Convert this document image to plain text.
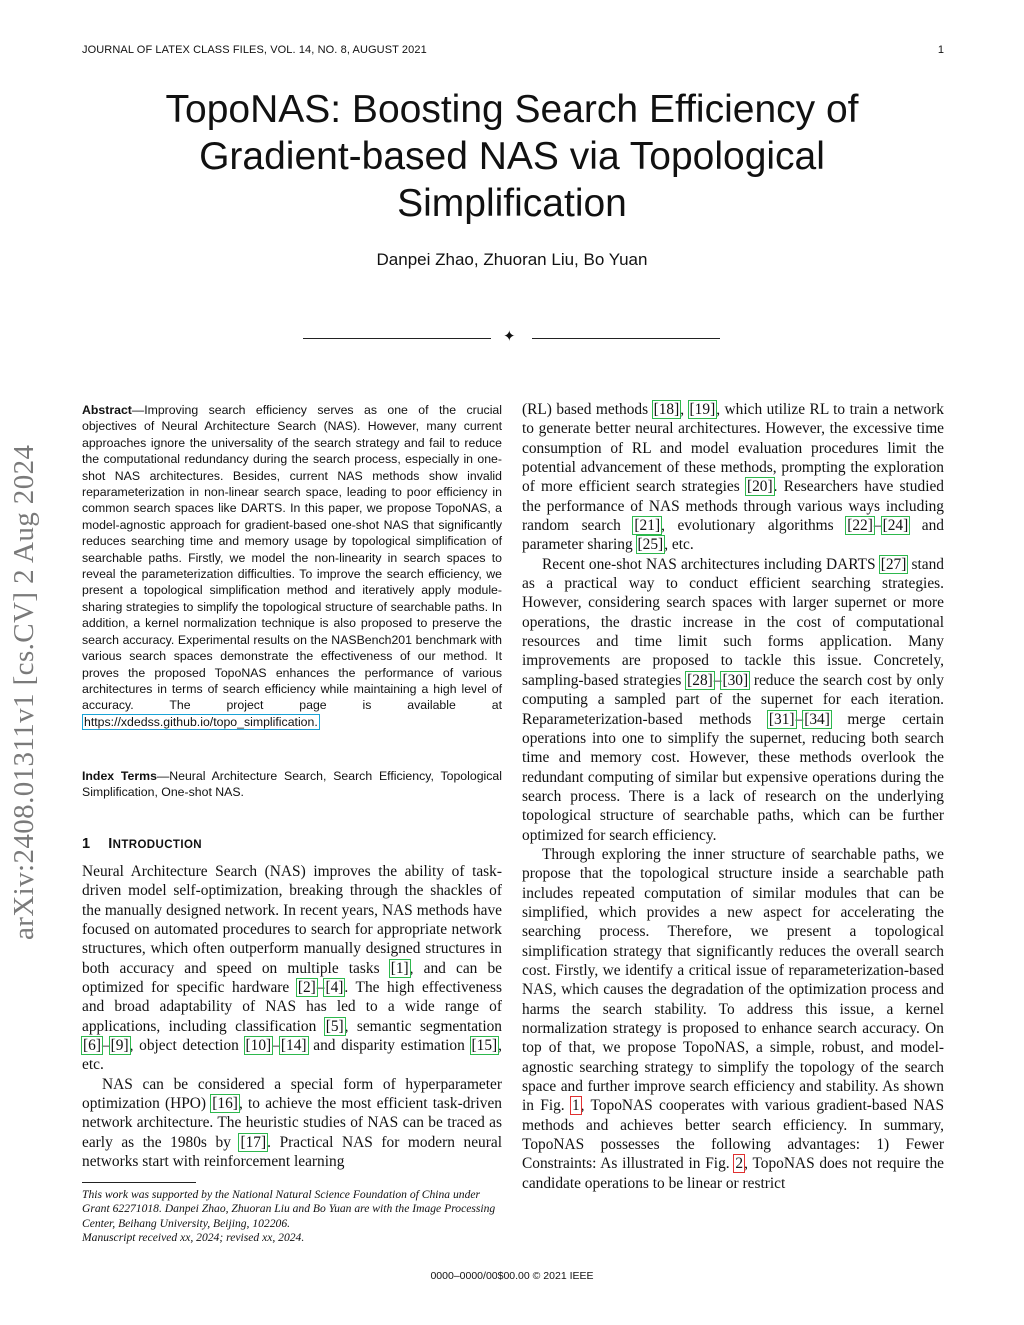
JOURNAL OF LATEX CLASS FILES, VOL. 14, NO. 8, AUGUST 2021	1
TopoNAS: Boosting Search Efficiency of Gradient-based NAS via Topological Simplification
Danpei Zhao, Zhuoran Liu, Bo Yuan
✦
arXiv:2408.01311v1 [cs.CV] 2 Aug 2024
Abstract—Improving search efficiency serves as one of the crucial objectives of Neural Architecture Search (NAS). However, many current approaches ignore the universality of the search strategy and fail to reduce the computational redundancy during the search process, especially in one-shot NAS architectures. Besides, current NAS methods show invalid reparameterization in non-linear search space, leading to poor efficiency in common search spaces like DARTS. In this paper, we propose TopoNAS, a model-agnostic approach for gradient-based one-shot NAS that significantly reduces searching time and memory usage by topological simplification of searchable paths. Firstly, we model the non-linearity in search spaces to reveal the parameterization difficulties. To improve the search efficiency, we present a topological simplification method and iteratively apply module-sharing strategies to simplify the topological structure of searchable paths. In addition, a kernel normalization technique is also proposed to preserve the search accuracy. Experimental results on the NASBench201 benchmark with various search spaces demonstrate the effectiveness of our method. It proves the proposed TopoNAS enhances the performance of various architectures in terms of search efficiency while maintaining a high level of accuracy. The project page is available at https://xdedss.github.io/topo_simplification.
Index Terms—Neural Architecture Search, Search Efficiency, Topological Simplification, One-shot NAS.
1 INTRODUCTION

Neural Architecture Search (NAS) improves the ability of task-driven model self-optimization, breaking through the shackles of the manually designed network. In recent years, NAS methods have focused on automated procedures to search for appropriate network structures, which often outperform manually designed structures in both accuracy and speed on multiple tasks [1], and can be optimized for specific hardware [2]–[4]. The high effectiveness and broad adaptability of NAS has led to a wide range of applications, including classification [5], semantic segmentation [6]–[9], object detection [10]–[14] and disparity estimation [15], etc.

NAS can be considered a special form of hyperparameter optimization (HPO) [16], to achieve the most efficient task-driven network architecture. The heuristic studies of NAS can be traced as early as the 1980s by [17]. Practical NAS for modern neural networks start with reinforcement learning

(RL) based methods [18], [19], which utilize RL to train a network to generate better neural architectures. However, the excessive time consumption of RL and model evaluation procedures limit the potential advancement of these methods, prompting the exploration of more efficient search strategies [20]. Researchers have studied the performance of NAS methods through various ways including random search [21], evolutionary algorithms [22]–[24] and parameter sharing [25], etc.

Recent one-shot NAS architectures including DARTS [27] stand as a practical way to conduct efficient searching strategies. However, considering search spaces with larger supernet or more operations, the drastic increase in the cost of computational resources and time limit such forms application. Many improvements are proposed to tackle this issue. Concretely, sampling-based strategies [28]–[30] reduce the search cost by only computing a sampled part of the supernet for each iteration. Reparameterization-based methods [31]–[34] merge certain operations into one to simplify the supernet, reducing both search time and memory cost. However, these methods overlook the redundant computing of similar but expensive operations during the search process. There is a lack of research on the underlying topological structure of searchable paths, which can be further optimized for search efficiency.

Through exploring the inner structure of searchable paths, we propose that the topological structure inside a searchable path includes repeated computation of similar modules that can be simplified, which provides a new aspect for accelerating the searching process. Therefore, we present a topological simplification strategy that significantly reduces the overall search cost. Firstly, we identify a critical issue of reparameterization-based NAS, which causes the degradation of the optimization process and harms the search stability. To address this issue, a kernel normalization strategy is proposed to enhance search accuracy. On top of that, we propose TopoNAS, a simple, robust, and model-agnostic searching strategy to simplify the topology of the search space and further improve search efficiency and stability. As shown in Fig. 1, TopoNAS cooperates with various gradient-based NAS methods and achieves better search efficiency. In summary, TopoNAS possesses the following advantages: 1) Fewer Constraints: As illustrated in Fig. 2, TopoNAS does not require the candidate operations to be linear or restrict

This work was supported by the National Natural Science Foundation of China under Grant 62271018. Danpei Zhao, Zhuoran Liu and Bo Yuan are with the Image Processing Center, Beihang University, Beijing, 102206.
Manuscript received xx, 2024; revised xx, 2024.
0000–0000/00$00.00 © 2021 IEEE
